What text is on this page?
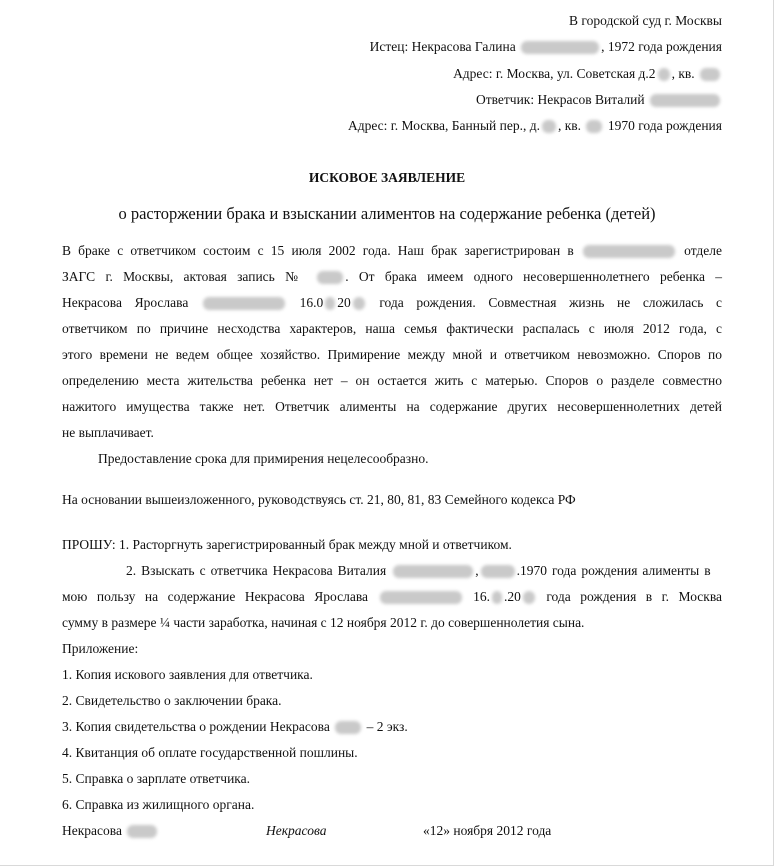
В городской суд г. Москвы
Истец: Некрасова Галина	, 1972 года рождения
Адрес: г. Москва, ул. Советская д.2 , кв.
Ответчик: Некрасов Виталий
Адрес: г. Москва, Банный пер., д. , кв. 1970 года рождения
ИСКОВОЕ ЗАЯВЛЕНИЕ
о расторжении брака и взыскании алиментов на содержание ребенка (детей)
В браке с ответчиком состоим с 15 июля 2002 года. Наш брак зарегистрирован в	отделе
ЗАГС г. Москвы, актовая запись №	. От брака имеем одного несовершеннолетнего ребенка –
Некрасова Ярослава	16.0 20 года рождения. Совместная жизнь не сложилась с
ответчиком по причине несходства характеров, наша семья фактически распалась с июля 2012 года, с
этого времени не ведем общее хозяйство. Примирение между мной и ответчиком невозможно. Споров по
определению места жительства ребенка нет – он остается жить с матерью. Споров о разделе совместно
нажитого имущества также нет. Ответчик алименты на содержание других несовершеннолетних детей
не выплачивает.
Предоставление срока для примирения нецелесообразно.
На основании вышеизложенного, руководствуясь ст. 21, 80, 81, 83 Семейного кодекса РФ
ПРОШУ: 1. Расторгнуть зарегистрированный брак между мной и ответчиком.
2. Взыскать с ответчика Некрасова Виталия	,	.1970 года рождения алименты в
мою пользу на содержание Некрасова Ярослава	16. .20 года рождения в г. Москва
сумму в размере ¼ части заработка, начиная с 12 ноября 2012 г. до совершеннолетия сына.
Приложение:
1. Копия искового заявления для ответчика.
2. Свидетельство о заключении брака.
3. Копия свидетельства о рождении Некрасова	– 2 экз.
4. Квитанция об оплате государственной пошлины.
5. Справка о зарплате ответчика.
6. Справка из жилищного органа.
Некрасова	Некрасова	«12» ноября 2012 года
